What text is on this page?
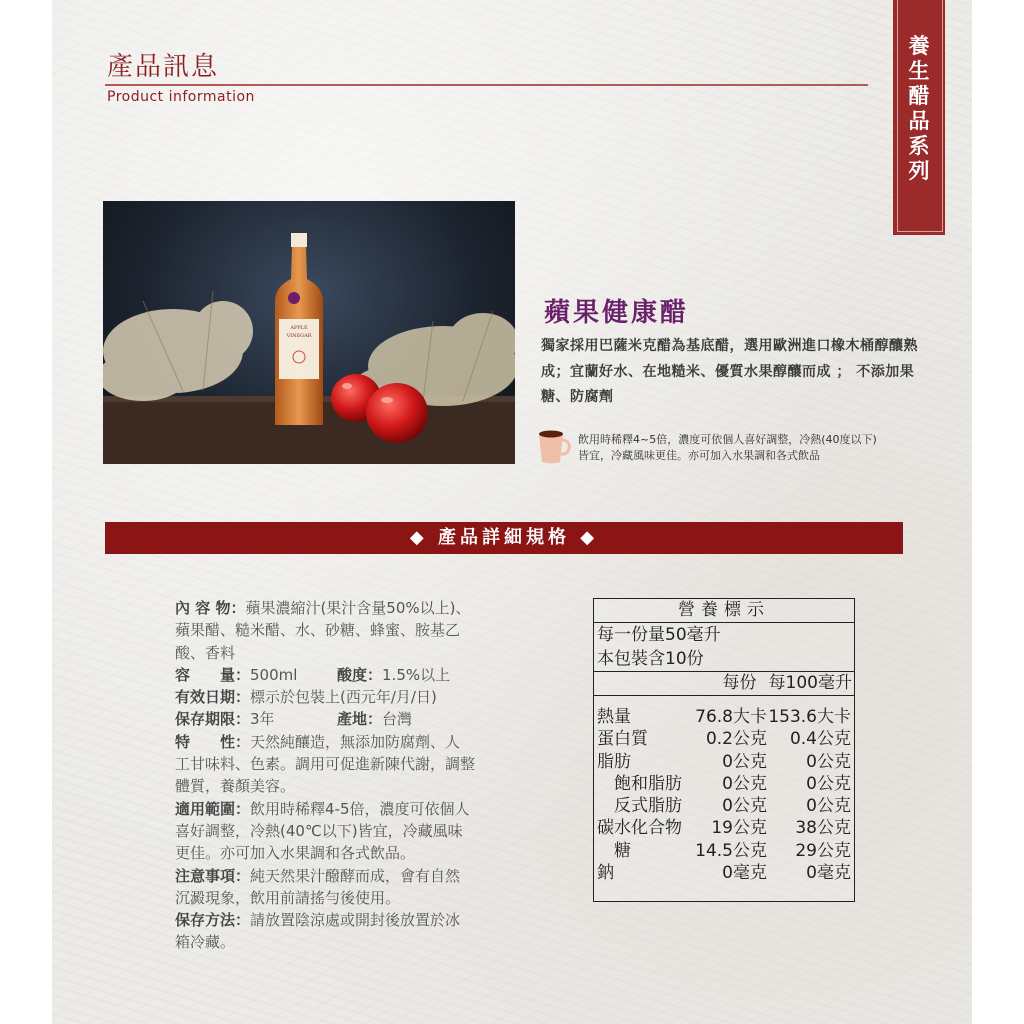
產品訊息
Product information
養
生
醋
品
系
列
APPLE
VINEGAR
蘋果健康醋
獨家採用巴薩米克醋為基底醋，選用歐洲進口橡木桶醇釀熟成；宜蘭好水、在地糙米、優質水果醇釀而成 ； 不添加果糖、防腐劑
飲用時稀釋4~5倍，濃度可依個人喜好調整，冷熱(40度以下)
皆宜，冷藏風味更佳。亦可加入水果調和各式飲品
◆ 產品詳細規格 ◆
內 容 物：蘋果濃縮汁(果汁含量50%以上)、蘋果醋、糙米醋、水、砂糖、蜂蜜、胺基乙酸、香料
容　　量：500ml	酸度：1.5%以上
有效日期：標示於包裝上(西元年/月/日)
保存期限：3年	產地：台灣
特　　性：天然純釀造，無添加防腐劑、人工甘味料、色素。調用可促進新陳代謝，調整體質，養顏美容。
適用範圍：飲用時稀釋4-5倍，濃度可依個人喜好調整，冷熱(40℃以下)皆宜，冷藏風味更佳。亦可加入水果調和各式飲品。
注意事項：純天然果汁醱酵而成，會有自然沉澱現象，飲用前請搖勻後使用。
保存方法：請放置陰涼處或開封後放置於冰箱冷藏。
營養標示
每一份量50毫升
本包裝含10份
每份 每100毫升
熱量	76.8大卡 153.6大卡
蛋白質	0.2公克	0.4公克
脂肪	0公克	0公克
　飽和脂肪	0公克	0公克
　反式脂肪	0公克	0公克
碳水化合物	19公克	38公克
　糖	14.5公克	29公克
鈉	0毫克	0毫克
